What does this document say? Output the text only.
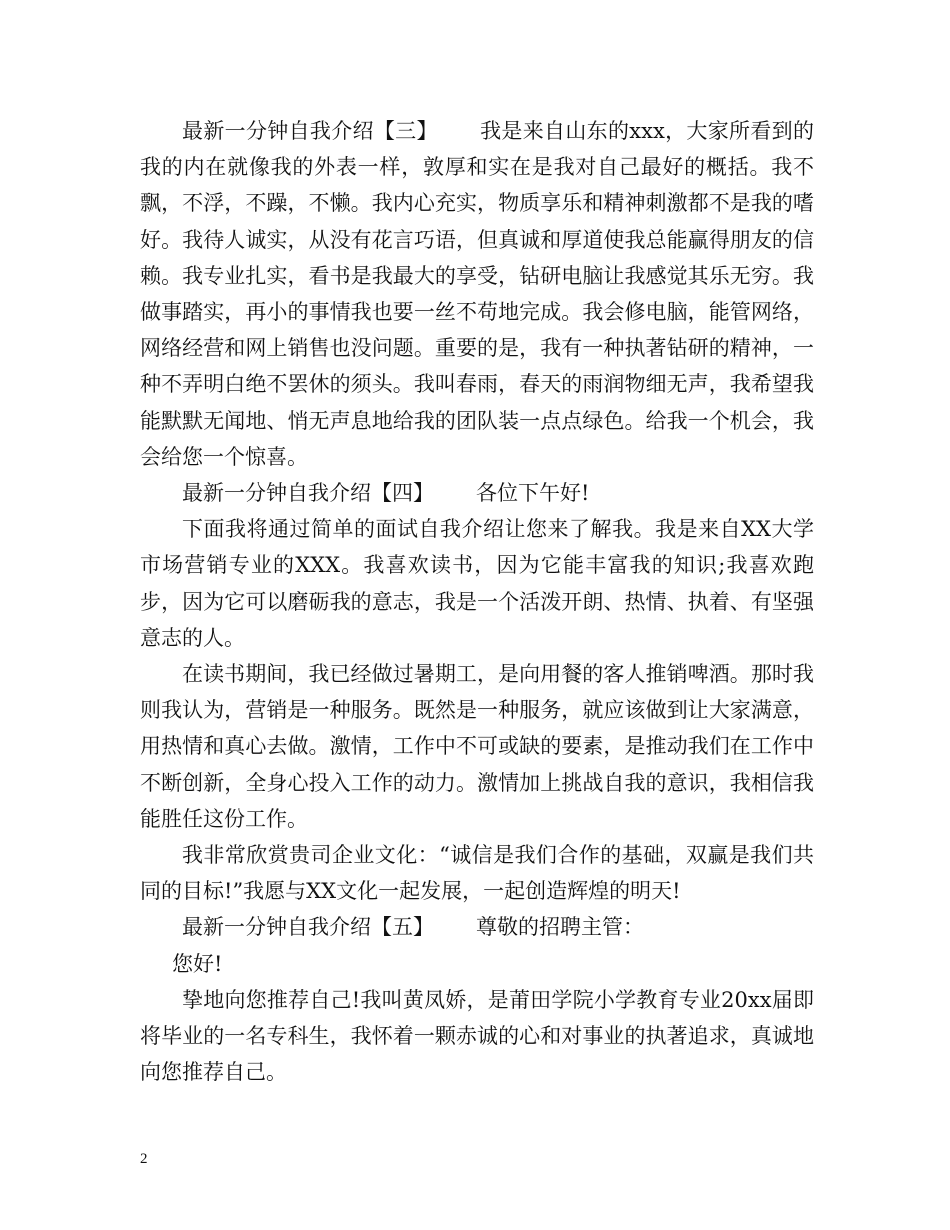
最新一分钟自我介绍【三】 我是来自山东的xxx，大家所看到的我的内在就像我的外表一样，敦厚和实在是我对自己最好的概括。我不飘，不浮，不躁，不懒。我内心充实，物质享乐和精神刺激都不是我的嗜好。我待人诚实，从没有花言巧语，但真诚和厚道使我总能赢得朋友的信赖。我专业扎实，看书是我最大的享受，钻研电脑让我感觉其乐无穷。我做事踏实，再小的事情我也要一丝不苟地完成。我会修电脑，能管网络，网络经营和网上销售也没问题。重要的是，我有一种执著钻研的精神，一种不弄明白绝不罢休的须头。我叫春雨，春天的雨润物细无声，我希望我能默默无闻地、悄无声息地给我的团队装一点点绿色。给我一个机会，我会给您一个惊喜。

最新一分钟自我介绍【四】 各位下午好!

下面我将通过简单的面试自我介绍让您来了解我。我是来自XX大学市场营销专业的XXX。我喜欢读书，因为它能丰富我的知识;我喜欢跑步，因为它可以磨砺我的意志，我是一个活泼开朗、热情、执着、有坚强意志的人。

在读书期间，我已经做过暑期工，是向用餐的客人推销啤酒。那时我则我认为，营销是一种服务。既然是一种服务，就应该做到让大家满意，用热情和真心去做。激情，工作中不可或缺的要素，是推动我们在工作中不断创新，全身心投入工作的动力。激情加上挑战自我的意识，我相信我能胜任这份工作。

我非常欣赏贵司企业文化：“诚信是我们合作的基础，双赢是我们共同的目标!”我愿与XX文化一起发展，一起创造辉煌的明天!

最新一分钟自我介绍【五】 尊敬的招聘主管：

您好!

挚地向您推荐自己!我叫黄凤娇，是莆田学院小学教育专业20xx届即将毕业的一名专科生，我怀着一颗赤诚的心和对事业的执著追求，真诚地向您推荐自己。

2
